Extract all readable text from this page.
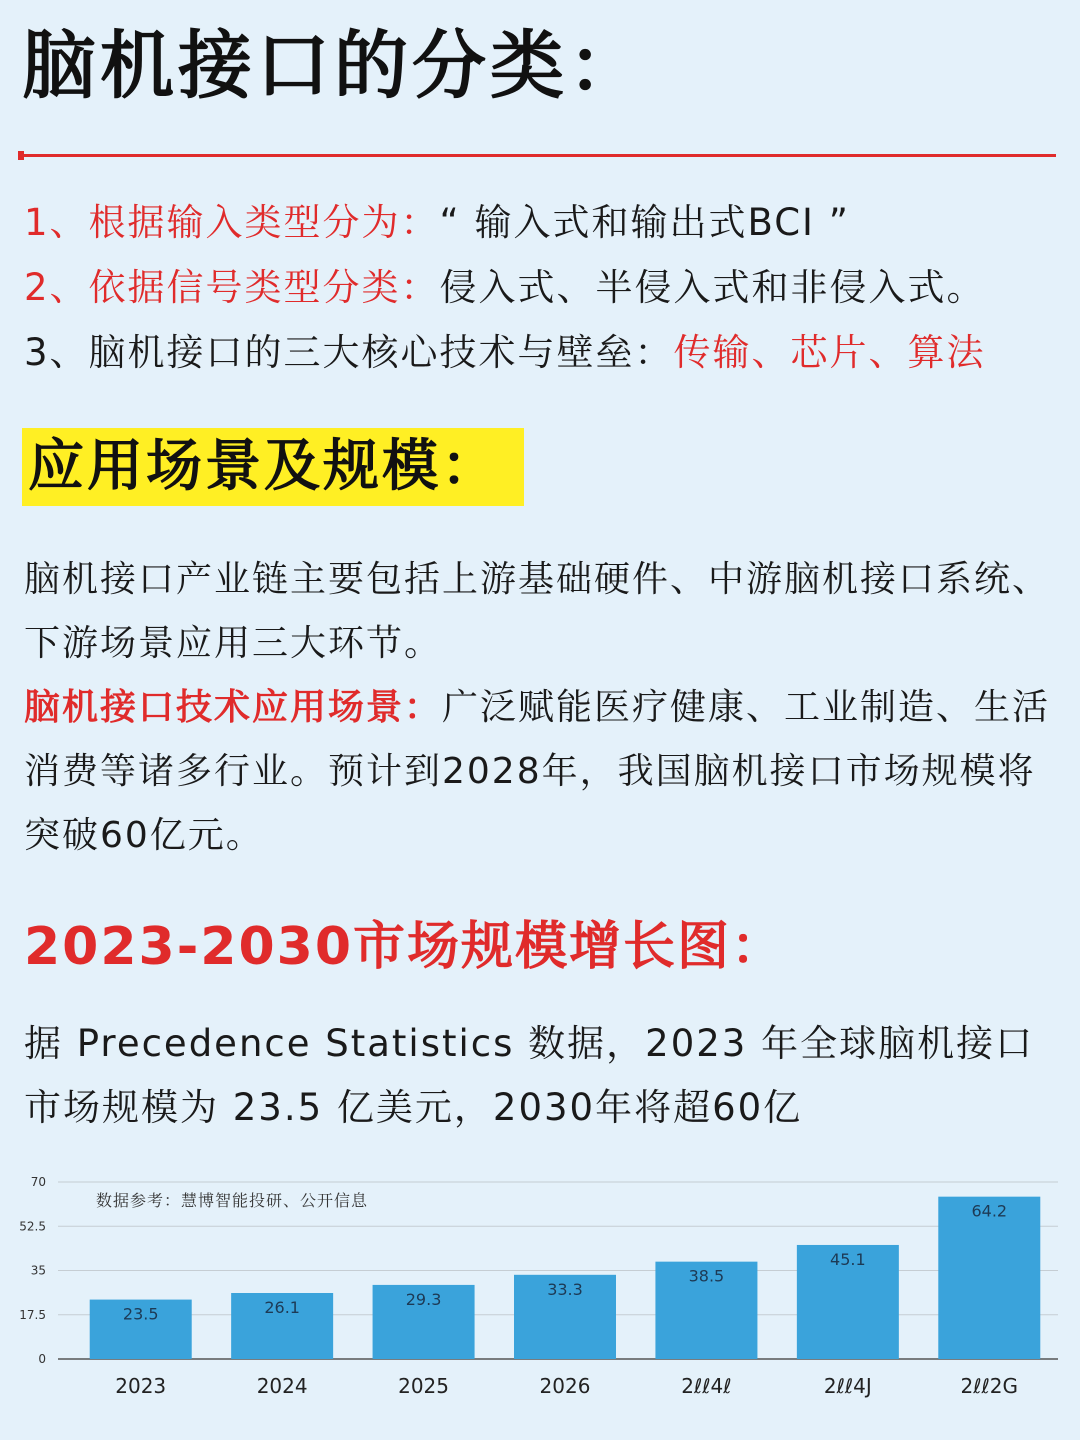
脑机接口的分类：
1、根据输入类型分为：“ 输入式和输出式BCI ”
2、依据信号类型分类：侵入式、半侵入式和非侵入式。
3、脑机接口的三大核心技术与壁垒：传输、芯片、算法
应用场景及规模：
脑机接口产业链主要包括上游基础硬件、中游脑机接口系统、下游场景应用三大环节。
脑机接口技术应用场景：广泛赋能医疗健康、工业制造、生活消费等诸多行业。预计到2028年，我国脑机接口市场规模将突破60亿元。
2023-2030市场规模增长图：
据 Precedence Statistics 数据，2023 年全球脑机接口市场规模为 23.5 亿美元，2030年将超60亿
0
17.5
35
52.5
70
23.5
2023
26.1
2024
29.3
2025
33.3
2026
38.5
2ℓℓ4ℓ
45.1
2ℓℓ4J
64.2
2ℓℓ2G
数据参考：慧博智能投研、公开信息
